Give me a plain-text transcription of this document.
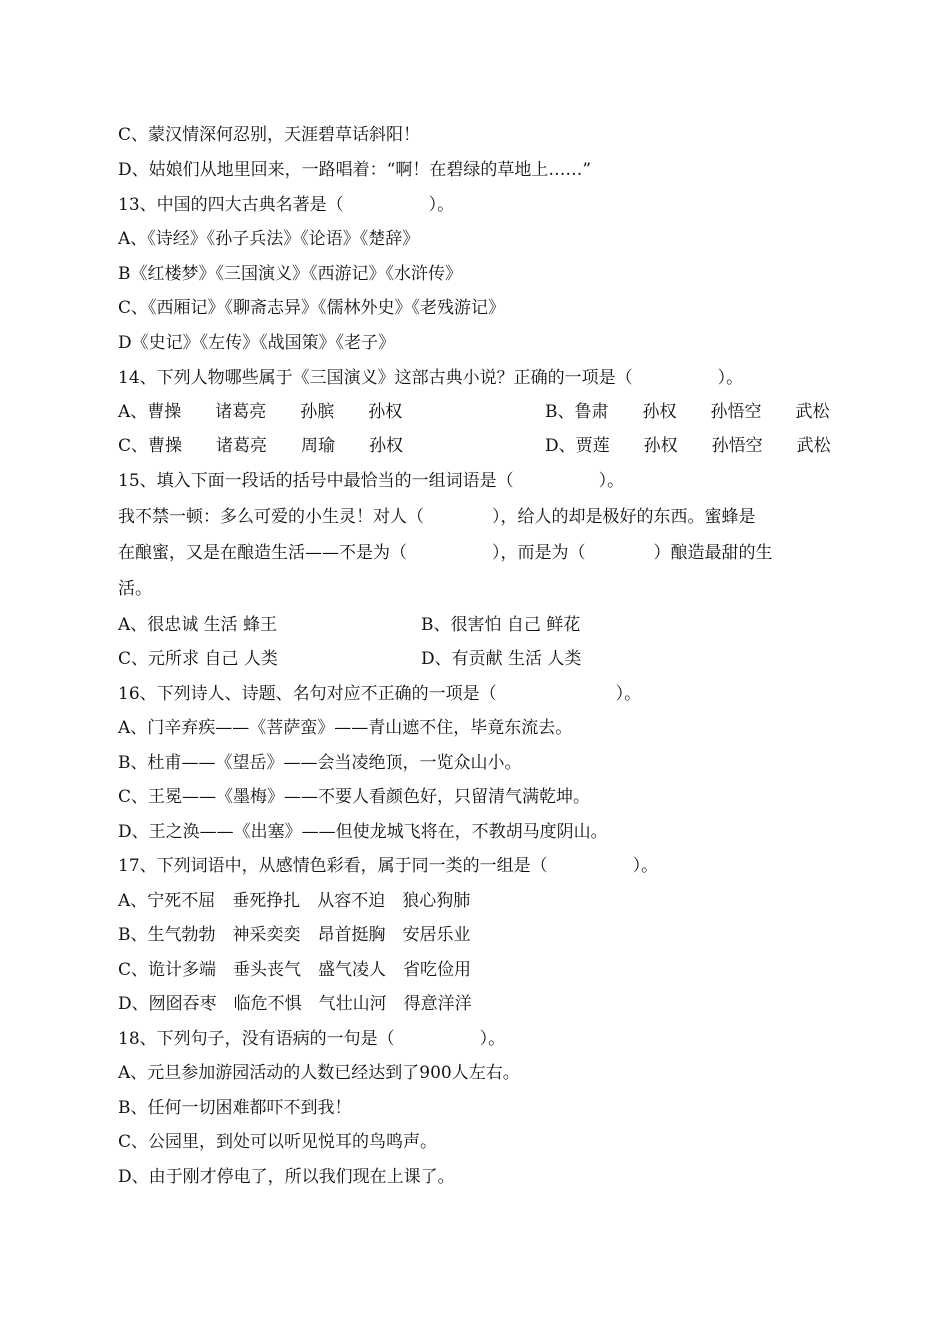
C、蒙汉情深何忍别，天涯碧草话斜阳！
D、姑娘们从地里回来，一路唱着：“啊！在碧绿的草地上……”
13、中国的四大古典名著是（　　　　　）。
A、《诗经》《孙子兵法》《论语》《楚辞》
B《红楼梦》《三国演义》《西游记》《水浒传》
C、《西厢记》《聊斋志异》《儒林外史》《老残游记》
D《史记》《左传》《战国策》《老子》
14、下列人物哪些属于《三国演义》这部古典小说？正确的一项是（　　　　　）。
A、曹操　　诸葛亮　　孙膑　　孙权	B、鲁肃　　孙权　　孙悟空　　武松
C、曹操　　诸葛亮　　周瑜　　孙权	D、贾莲　　孙权　　孙悟空　　武松
15、填入下面一段话的括号中最恰当的一组词语是（　　　　　）。
我不禁一顿：多么可爱的小生灵！对人（　　　　），给人的却是极好的东西。蜜蜂是
在酿蜜，又是在酿造生活——不是为（　　　　　），而是为（　　　　）酿造最甜的生
活。
A、很忠诚 生活 蜂王	B、很害怕 自己 鲜花
C、元所求 自己 人类	D、有贡献 生活 人类
16、下列诗人、诗题、名句对应不正确的一项是（　　　　　　　）。
A、门辛弃疾——《菩萨蛮》——青山遮不住，毕竟东流去。
B、杜甫——《望岳》——会当凌绝顶，一览众山小。
C、王冕——《墨梅》——不要人看颜色好，只留清气满乾坤。
D、王之涣——《出塞》——但使龙城飞将在，不教胡马度阴山。
17、下列词语中，从感情色彩看，属于同一类的一组是（　　　　　）。
A、宁死不屈　垂死挣扎　从容不迫　狼心狗肺
B、生气勃勃　神采奕奕　昂首挺胸　安居乐业
C、诡计多端　垂头丧气　盛气凌人　省吃俭用
D、囫囵吞枣　临危不惧　气壮山河　得意洋洋
18、下列句子，没有语病的一句是（　　　　　）。
A、元旦参加游园活动的人数已经达到了900人左右。
B、任何一切困难都吓不到我！
C、公园里，到处可以听见悦耳的鸟鸣声。
D、由于刚才停电了，所以我们现在上课了。
